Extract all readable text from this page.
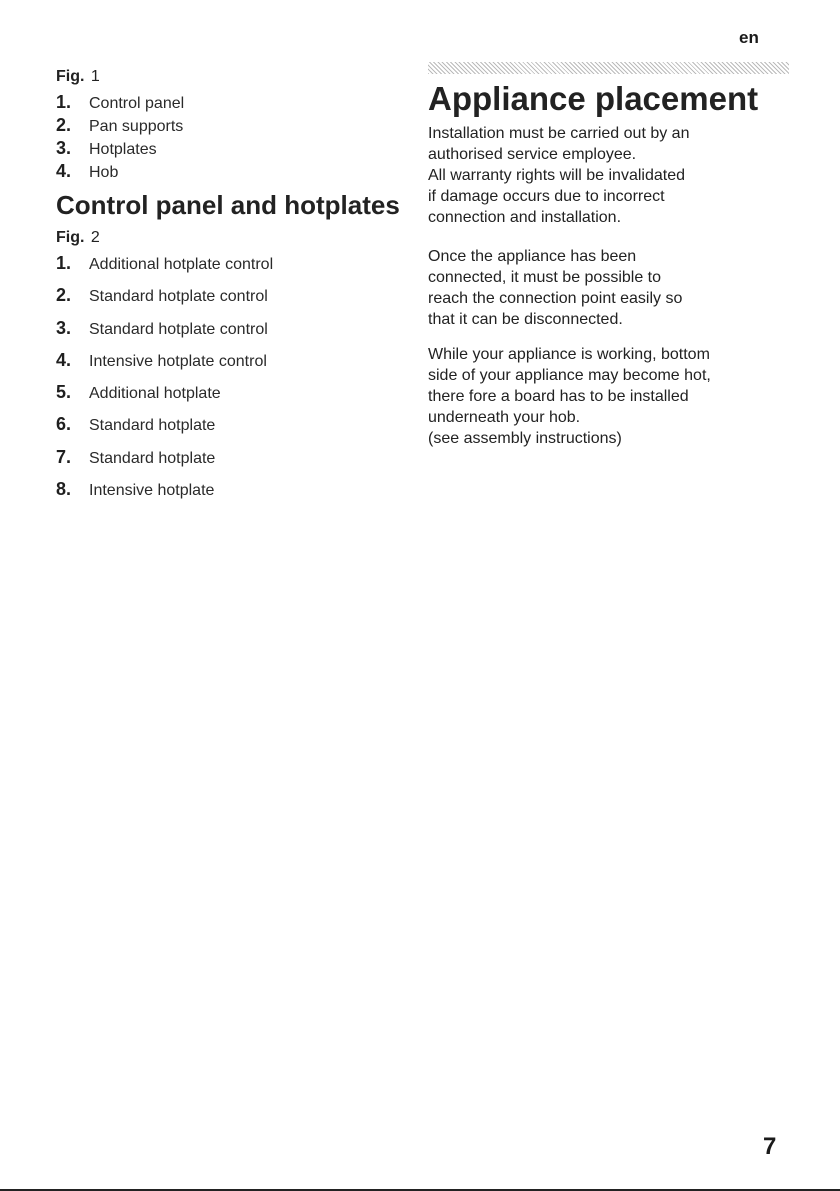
en
Fig. 1
1. Control panel
2. Pan supports
3. Hotplates
4. Hob
Control panel and hotplates
Fig. 2
1. Additional hotplate control
2. Standard hotplate control
3. Standard hotplate control
4. Intensive hotplate control
5. Additional hotplate
6. Standard hotplate
7. Standard hotplate
8. Intensive hotplate
Appliance placement

Installation must be carried out by an
authorised service employee.
All warranty rights will be invalidated
if damage occurs due to incorrect
connection and installation.

Once the appliance has been
connected, it must be possible to
reach the connection point easily so
that it can be disconnected.

While your appliance is working, bottom
side of your appliance may become hot,
there fore a board has to be installed
underneath your hob.
(see assembly instructions)

7
